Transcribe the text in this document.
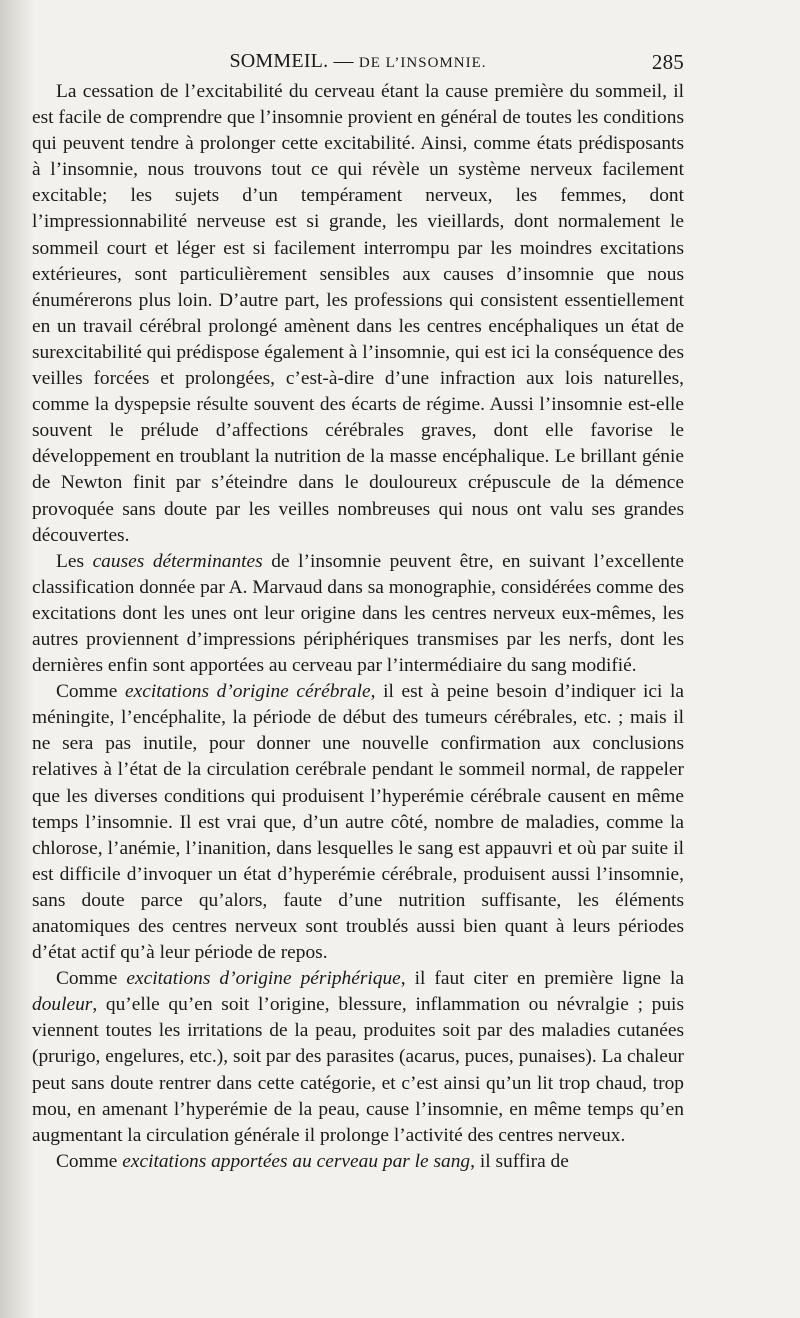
SOMMEIL. — DE L’INSOMNIE.	285

La cessation de l’excitabilité du cerveau étant la cause première du sommeil, il est facile de comprendre que l’insomnie provient en général de toutes les conditions qui peuvent tendre à prolonger cette excitabilité. Ainsi, comme états prédisposants à l’insomnie, nous trouvons tout ce qui révèle un système nerveux facilement excitable; les sujets d’un tempérament nerveux, les femmes, dont l’impressionnabilité nerveuse est si grande, les vieillards, dont normalement le sommeil court et léger est si facilement interrompu par les moindres excitations extérieures, sont particulièrement sensibles aux causes d’insomnie que nous énumérerons plus loin. D’autre part, les professions qui consistent essentiellement en un travail cérébral prolongé amènent dans les centres encéphaliques un état de surexcitabilité qui prédispose également à l’insomnie, qui est ici la conséquence des veilles forcées et prolongées, c’est-à-dire d’une infraction aux lois naturelles, comme la dyspepsie résulte souvent des écarts de régime. Aussi l’insomnie est-elle souvent le prélude d’affections cérébrales graves, dont elle favorise le développement en troublant la nutrition de la masse encéphalique. Le brillant génie de Newton finit par s’éteindre dans le douloureux crépuscule de la démence provoquée sans doute par les veilles nombreuses qui nous ont valu ses grandes découvertes.

Les causes déterminantes de l’insomnie peuvent être, en suivant l’excellente classification donnée par A. Marvaud dans sa monographie, considérées comme des excitations dont les unes ont leur origine dans les centres nerveux eux-mêmes, les autres proviennent d’impressions périphériques transmises par les nerfs, dont les dernières enfin sont apportées au cerveau par l’intermédiaire du sang modifié.

Comme excitations d’origine cérébrale, il est à peine besoin d’indiquer ici la méningite, l’encéphalite, la période de début des tumeurs cérébrales, etc. ; mais il ne sera pas inutile, pour donner une nouvelle confirmation aux conclusions relatives à l’état de la circulation cerébrale pendant le sommeil normal, de rappeler que les diverses conditions qui produisent l’hyperémie cérébrale causent en même temps l’insomnie. Il est vrai que, d’un autre côté, nombre de maladies, comme la chlorose, l’anémie, l’inanition, dans lesquelles le sang est appauvri et où par suite il est difficile d’invoquer un état d’hyperémie cérébrale, produisent aussi l’insomnie, sans doute parce qu’alors, faute d’une nutrition suffisante, les éléments anatomiques des centres nerveux sont troublés aussi bien quant à leurs périodes d’état actif qu’à leur période de repos.

Comme excitations d’origine périphérique, il faut citer en première ligne la douleur, qu’elle qu’en soit l’origine, blessure, inflammation ou névralgie ; puis viennent toutes les irritations de la peau, produites soit par des maladies cutanées (prurigo, engelures, etc.), soit par des parasites (acarus, puces, punaises). La chaleur peut sans doute rentrer dans cette catégorie, et c’est ainsi qu’un lit trop chaud, trop mou, en amenant l’hyperémie de la peau, cause l’insomnie, en même temps qu’en augmentant la circulation générale il prolonge l’activité des centres nerveux.

Comme excitations apportées au cerveau par le sang, il suffira de
